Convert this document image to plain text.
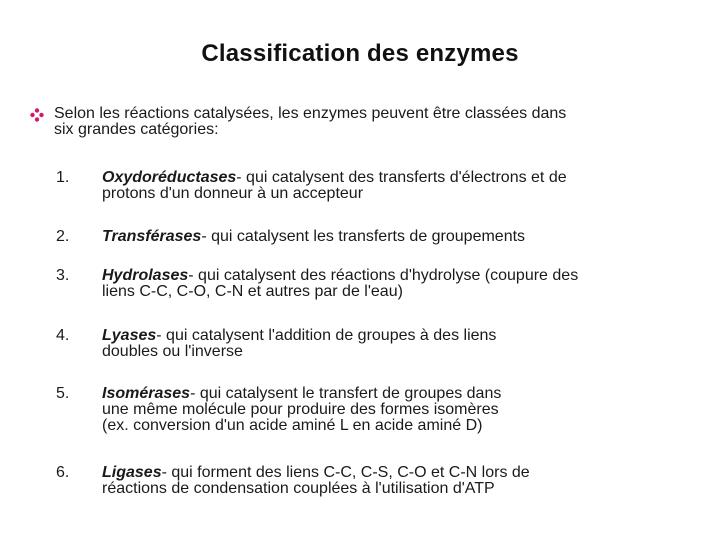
Classification des enzymes
Selon les réactions catalysées, les enzymes peuvent être classées dans
six grandes catégories:
1.	Oxydoréductases- qui catalysent des transferts d'électrons et de
protons d'un donneur à un accepteur
2.	Transférases- qui catalysent les transferts de groupements
3.	Hydrolases- qui catalysent des réactions d'hydrolyse (coupure des
liens C-C, C-O, C-N et autres par de l'eau)
4.	Lyases- qui catalysent l'addition de groupes à des liens
doubles ou l'inverse
5.	Isomérases- qui catalysent le transfert de groupes dans
une même molécule pour produire des formes isomères
(ex. conversion d'un acide aminé L en acide aminé D)
6.	Ligases- qui forment des liens C-C, C-S, C-O et C-N lors de
réactions de condensation couplées à l'utilisation d'ATP
